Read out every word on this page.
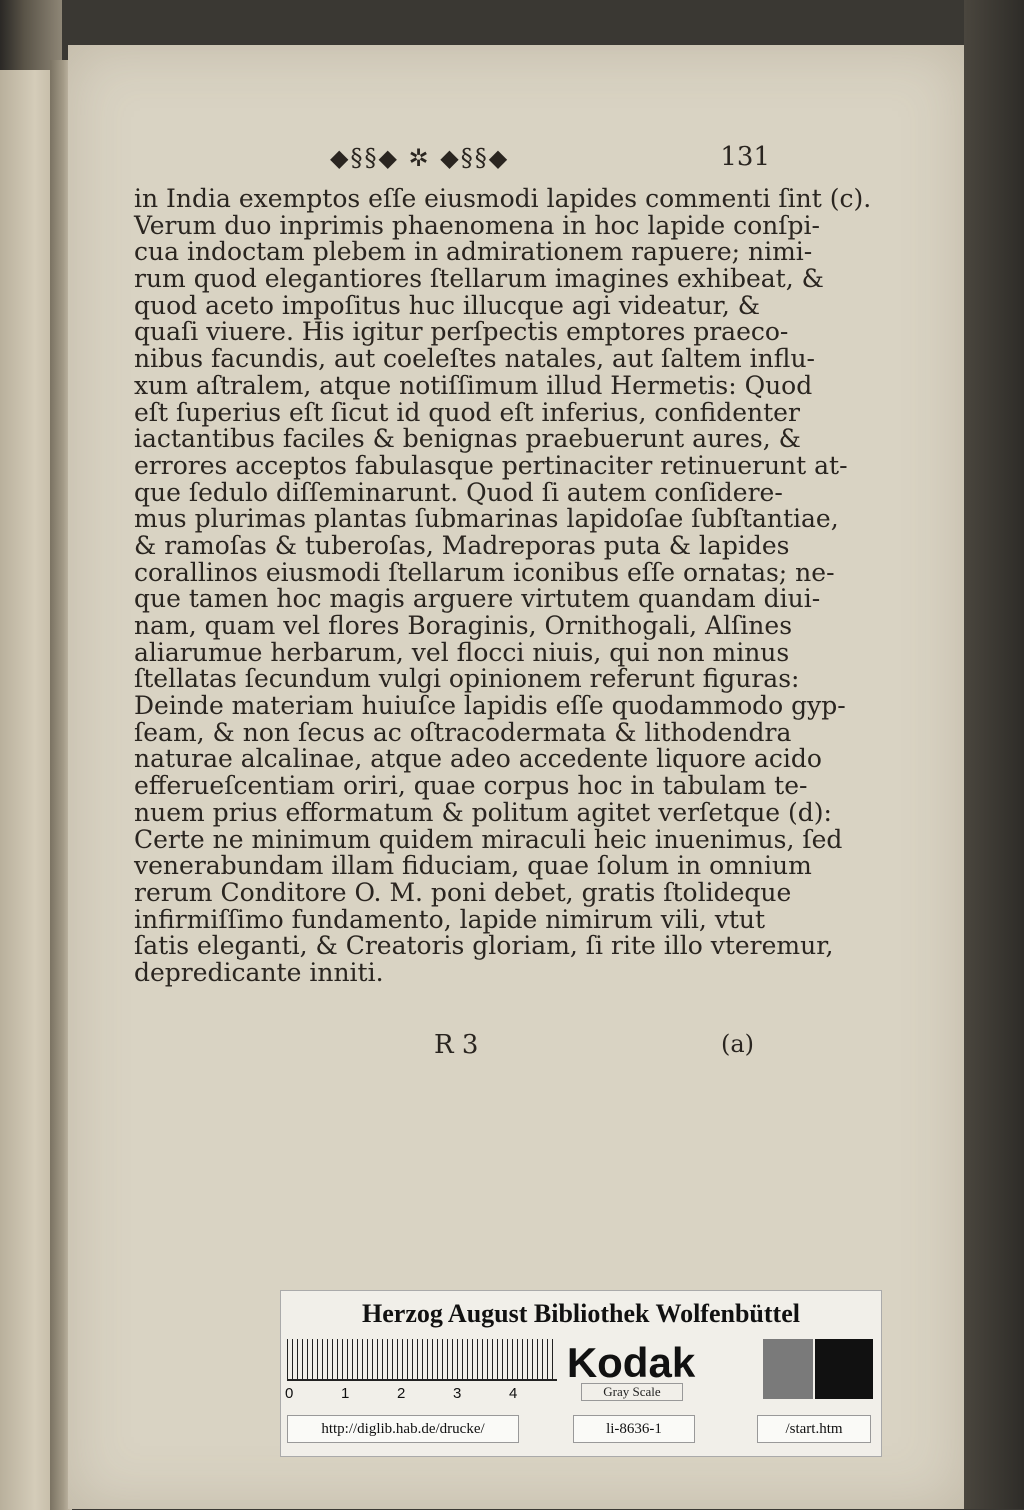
◆§§◆ ✲ ◆§§◆	131
in India exemptos eſſe eiusmodi lapides commenti ſint (c).
Verum duo inprimis phaenomena in hoc lapide conſpi-
cua indoctam plebem in admirationem rapuere; nimi-
rum quod elegantiores ſtellarum imagines exhibeat, &
quod aceto impoſitus huc illucque agi videatur, &
quaſi viuere. His igitur perſpectis emptores praeco-
nibus facundis, aut coeleſtes natales, aut ſaltem influ-
xum aſtralem, atque notiſſimum illud Hermetis: Quod
eſt ſuperius eſt ſicut id quod eſt inferius, confidenter
iactantibus faciles & benignas praebuerunt aures, &
errores acceptos fabulasque pertinaciter retinuerunt at-
que ſedulo diſſeminarunt. Quod ſi autem conſidere-
mus plurimas plantas ſubmarinas lapidoſae ſubſtantiae,
& ramoſas & tuberoſas, Madreporas puta & lapides
corallinos eiusmodi ſtellarum iconibus eſſe ornatas; ne-
que tamen hoc magis arguere virtutem quandam diui-
nam, quam vel flores Boraginis, Ornithogali, Alſines
aliarumue herbarum, vel flocci niuis, qui non minus
ſtellatas ſecundum vulgi opinionem referunt figuras:
Deinde materiam huiuſce lapidis eſſe quodammodo gyp-
ſeam, & non ſecus ac oſtracodermata & lithodendra
naturae alcalinae, atque adeo accedente liquore acido
efferueſcentiam oriri, quae corpus hoc in tabulam te-
nuem prius efformatum & politum agitet verſetque (d):
Certe ne minimum quidem miraculi heic inuenimus, ſed
venerabundam illam fiduciam, quae ſolum in omnium
rerum Conditore O. M. poni debet, gratis ſtolideque
infirmiſſimo fundamento, lapide nimirum vili, vtut
ſatis eleganti, & Creatoris gloriam, ſi rite illo vteremur,
depredicante inniti.
R 3	(a)
Herzog August Bibliothek Wolfenbüttel
0	1	2	3	4
Kodak
Gray Scale
http://diglib.hab.de/drucke/	li-8636-1	/start.htm
